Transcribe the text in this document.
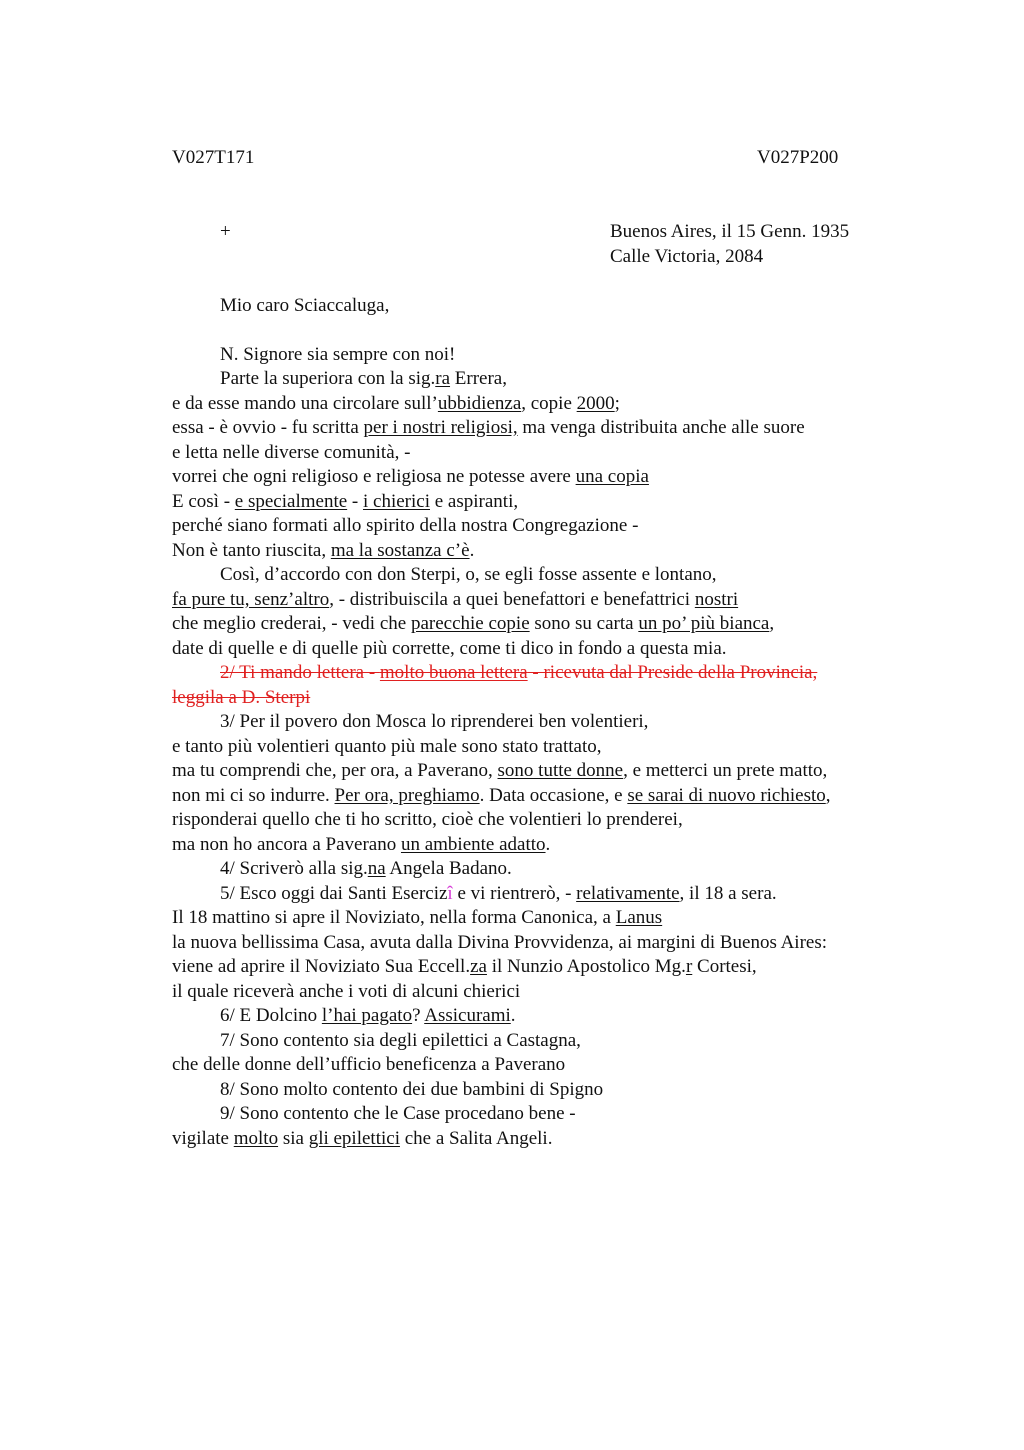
V027T171	V027P200
+	Buenos Aires, il 15 Genn. 1935
Calle Victoria, 2084
Mio caro Sciaccaluga,
N. Signore sia sempre con noi!
Parte la superiora con la sig.ra Errera,
e da esse mando una circolare sull’ubbidienza, copie 2000;
essa - è ovvio - fu scritta per i nostri religiosi, ma venga distribuita anche alle suore
e letta nelle diverse comunità, -
vorrei che ogni religioso e religiosa ne potesse avere una copia
E così - e specialmente - i chierici e aspiranti,
perché siano formati allo spirito della nostra Congregazione -
Non è tanto riuscita, ma la sostanza c’è.
Così, d’accordo con don Sterpi, o, se egli fosse assente e lontano,
fa pure tu, senz’altro, - distribuiscila a quei benefattori e benefattrici nostri
che meglio crederai, - vedi che parecchie copie sono su carta un po’ più bianca,
date di quelle e di quelle più corrette, come ti dico in fondo a questa mia.
2/ Ti mando lettera - molto buona lettera - ricevuta dal Preside della Provincia,
leggila a D. Sterpi
3/ Per il povero don Mosca lo riprenderei ben volentieri,
e tanto più volentieri quanto più male sono stato trattato,
ma tu comprendi che, per ora, a Paverano, sono tutte donne, e metterci un prete matto,
non mi ci so indurre. Per ora, preghiamo. Data occasione, e se sarai di nuovo richiesto,
risponderai quello che ti ho scritto, cioè che volentieri lo prenderei,
ma non ho ancora a Paverano un ambiente adatto.
4/ Scriverò alla sig.na Angela Badano.
5/ Esco oggi dai Santi Esercizî e vi rientrerò, - relativamente, il 18 a sera.
Il 18 mattino si apre il Noviziato, nella forma Canonica, a Lanus
la nuova bellissima Casa, avuta dalla Divina Provvidenza, ai margini di Buenos Aires:
viene ad aprire il Noviziato Sua Eccell.za il Nunzio Apostolico Mg.r Cortesi,
il quale riceverà anche i voti di alcuni chierici
6/ E Dolcino l’hai pagato? Assicurami.
7/ Sono contento sia degli epilettici a Castagna,
che delle donne dell’ufficio beneficenza a Paverano
8/ Sono molto contento dei due bambini di Spigno
9/ Sono contento che le Case procedano bene -
vigilate molto sia gli epilettici che a Salita Angeli.
